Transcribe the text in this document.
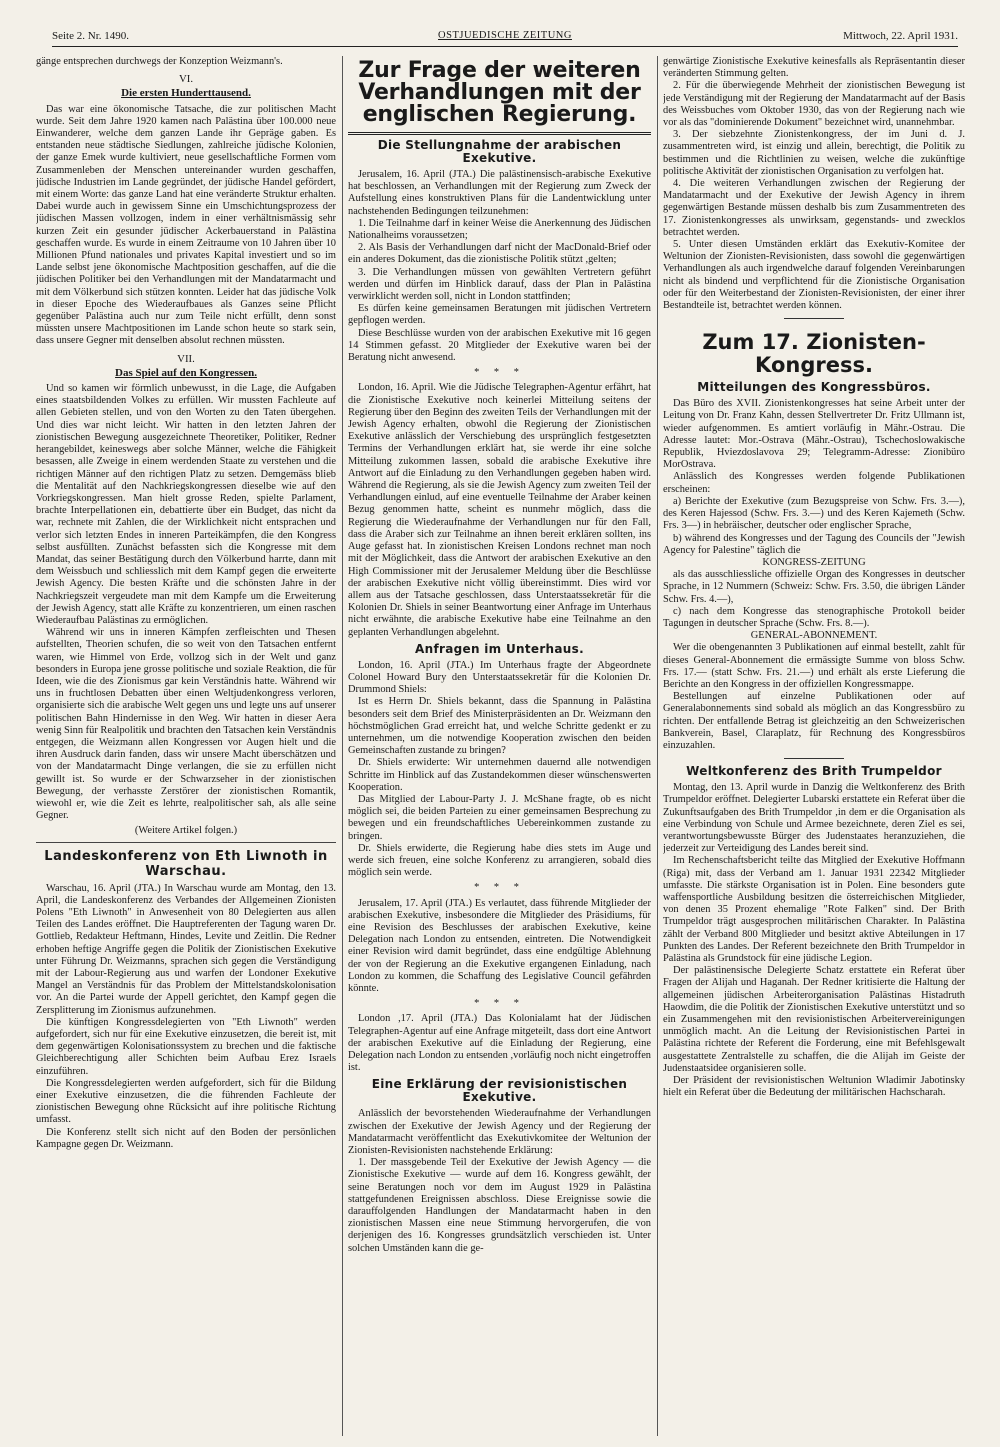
Seite 2. Nr. 1490.	OSTJUEDISCHE ZEITUNG	Mittwoch, 22. April 1931.

gänge entsprechen durchwegs der Konzeption Weizmann's.

VI.
Die ersten Hunderttausend.

Das war eine ökonomische Tatsache, die zur politischen Macht wurde. Seit dem Jahre 1920 kamen nach Palästina über 100.000 neue Einwanderer, welche dem ganzen Lande ihr Gepräge gaben. Es entstanden neue städtische Siedlungen, zahlreiche jüdische Kolonien, der ganze Emek wurde kultiviert, neue gesellschaftliche Formen vom Zusammenleben der Menschen untereinander wurden geschaffen, jüdische Industrien im Lande gegründet, der jüdische Handel gefördert, mit einem Worte: das ganze Land hat eine veränderte Struktur erhalten. Dabei wurde auch in gewissem Sinne ein Umschichtungsprozess der jüdischen Massen vollzogen, indem in einer verhältnismässig sehr kurzen Zeit ein gesunder jüdischer Ackerbauerstand in Palästina geschaffen wurde. Es wurde in einem Zeitraume von 10 Jahren über 10 Millionen Pfund nationales und privates Kapital investiert und so im Lande selbst jene ökonomische Machtposition geschaffen, auf die die jüdischen Politiker bei den Verhandlungen mit der Mandatarmacht und mit dem Völkerbund sich stützen konnten. Leider hat das jüdische Volk in dieser Epoche des Wiederaufbaues als Ganzes seine Pflicht gegenüber Palästina auch nur zum Teile nicht erfüllt, denn sonst müssten unsere Machtpositionen im Lande schon heute so stark sein, dass unsere Gegner mit denselben absolut rechnen müssten.

VII.
Das Spiel auf den Kongressen.

Und so kamen wir förmlich unbewusst, in die Lage, die Aufgaben eines staatsbildenden Volkes zu erfüllen. Wir mussten Fachleute auf allen Gebieten stellen, und von den Worten zu den Taten übergehen. Und dies war nicht leicht. Wir hatten in den letzten Jahren der zionistischen Bewegung ausgezeichnete Theoretiker, Politiker, Redner herangebildet, keineswegs aber solche Männer, welche die Fähigkeit besassen, alle Zweige in einem werdenden Staate zu verstehen und die richtigen Männer auf den richtigen Platz zu setzen. Demgemäss blieb die Mentalität auf den Nachkriegskongressen dieselbe wie auf den Vorkriegskongressen. Man hielt grosse Reden, spielte Parlament, brachte Interpellationen ein, debattierte über ein Budget, das nicht da war, rechnete mit Zahlen, die der Wirklichkeit nicht entsprachen und verlor sich letzten Endes in inneren Parteikämpfen, die den Kongress selbst ausfüllten. Zunächst befassten sich die Kongresse mit dem Mandat, das seiner Bestätigung durch den Völkerbund harrte, dann mit dem Weissbuch und schliesslich mit dem Kampf gegen die erweiterte Jewish Agency. Die besten Kräfte und die schönsten Jahre in der Nachkriegszeit vergeudete man mit dem Kampfe um die Erweiterung der Jewish Agency, statt alle Kräfte zu konzentrieren, um einen raschen Wiederaufbau Palästinas zu ermöglichen.

Während wir uns in inneren Kämpfen zerfleischten und Thesen aufstellten, Theorien schufen, die so weit von den Tatsachen entfernt waren, wie Himmel von Erde, vollzog sich in der Welt und ganz besonders in Europa jene grosse politische und soziale Reaktion, die für Ideen, wie die des Zionismus gar kein Verständnis hatte. Während wir uns in fruchtlosen Debatten über einen Weltjudenkongress verloren, organisierte sich die arabische Welt gegen uns und legte uns auf unserer politischen Bahn Hindernisse in den Weg. Wir hatten in dieser Aera wenig Sinn für Realpolitik und brachten den Tatsachen kein Verständnis entgegen, die Weizmann allen Kongressen vor Augen hielt und die ihren Ausdruck darin fanden, dass wir unsere Macht überschätzen und von der Mandatarmacht Dinge verlangen, die sie zu erfüllen nicht gewillt ist. So wurde er der Schwarzseher in der zionistischen Bewegung, der verhasste Zerstörer der zionistischen Romantik, wiewohl er, wie die Zeit es lehrte, realpolitischer sah, als alle seine Gegner.

(Weitere Artikel folgen.)
Landeskonferenz von Eth Liwnoth in Warschau.

Warschau, 16. April (JTA.) In Warschau wurde am Montag, den 13. April, die Landeskonferenz des Verbandes der Allgemeinen Zionisten Polens "Eth Liwnoth" in Anwesenheit von 80 Delegierten aus allen Teilen des Landes eröffnet. Die Hauptreferenten der Tagung waren Dr. Gottlieb, Redakteur Heftmann, Hindes, Levite und Zeitlin. Die Redner erhoben heftige Angriffe gegen die Politik der Zionistischen Exekutive unter Führung Dr. Weizmanns, sprachen sich gegen die Verständigung mit der Labour-Regierung aus und warfen der Londoner Exekutive Mangel an Verständnis für das Problem der Mittelstandskolonisation vor. An die Partei wurde der Appell gerichtet, den Kampf gegen die Zersplitterung im Zionismus aufzunehmen.

Die künftigen Kongressdelegierten von "Eth Liwnoth" werden aufgefordert, sich nur für eine Exekutive einzusetzen, die bereit ist, mit dem gegenwärtigen Kolonisationssystem zu brechen und die faktische Gleichberechtigung aller Schichten beim Aufbau Erez Israels einzuführen.

Die Kongressdelegierten werden aufgefordert, sich für die Bildung einer Exekutive einzusetzen, die die führenden Fachleute der zionistischen Bewegung ohne Rücksicht auf ihre politische Richtung umfasst.

Die Konferenz stellt sich nicht auf den Boden der persönlichen Kampagne gegen Dr. Weizmann.

Zur Frage der weiteren Verhandlungen mit der englischen Regierung.
Die Stellungnahme der arabischen Exekutive.

Jerusalem, 16. April (JTA.) Die palästinensisch-arabische Exekutive hat beschlossen, an Verhandlungen mit der Regierung zum Zweck der Aufstellung eines konstruktiven Plans für die Landentwicklung unter nachstehenden Bedingungen teilzunehmen:

1. Die Teilnahme darf in keiner Weise die Anerkennung des Jüdischen Nationalheims voraussetzen;

2. Als Basis der Verhandlungen darf nicht der MacDonald-Brief oder ein anderes Dokument, das die zionistische Politik stützt ,gelten;

3. Die Verhandlungen müssen von gewählten Vertretern geführt werden und dürfen im Hinblick darauf, dass der Plan in Palästina verwirklicht werden soll, nicht in London stattfinden;

Es dürfen keine gemeinsamen Beratungen mit jüdischen Vertretern gepflogen werden.

Diese Beschlüsse wurden von der arabischen Exekutive mit 16 gegen 14 Stimmen gefasst. 20 Mitglieder der Exekutive waren bei der Beratung nicht anwesend.

* * *

London, 16. April. Wie die Jüdische Telegraphen-Agentur erfährt, hat die Zionistische Exekutive noch keinerlei Mitteilung seitens der Regierung über den Beginn des zweiten Teils der Verhandlungen mit der Jewish Agency erhalten, obwohl die Regierung der Zionistischen Exekutive anlässlich der Verschiebung des ursprünglich festgesetzten Termins der Verhandlungen erklärt hat, sie werde ihr eine solche Mitteilung zukommen lassen, sobald die arabische Exekutive ihre Antwort auf die Einladung zu den Verhandlungen gegeben haben wird. Während die Regierung, als sie die Jewish Agency zum zweiten Teil der Verhandlungen einlud, auf eine eventuelle Teilnahme der Araber keinen Bezug genommen hatte, scheint es nunmehr möglich, dass die Regierung die Wiederaufnahme der Verhandlungen nur für den Fall, dass die Araber sich zur Teilnahme an ihnen bereit erklären sollten, ins Auge gefasst hat. In zionistischen Kreisen Londons rechnet man noch mit der Möglichkeit, dass die Antwort der arabischen Exekutive an den High Commissioner mit der Jerusalemer Meldung über die Beschlüsse der arabischen Exekutive nicht völlig übereinstimmt. Dies wird vor allem aus der Tatsache geschlossen, dass Unterstaatssekretär für die Kolonien Dr. Shiels in seiner Beantwortung einer Anfrage im Unterhaus nicht erwähnte, die arabische Exekutive habe eine Teilnahme an den geplanten Verhandlungen abgelehnt.

Anfragen im Unterhaus.

London, 16. April (JTA.) Im Unterhaus fragte der Abgeordnete Colonel Howard Bury den Unterstaatssekretär für die Kolonien Dr. Drummond Shiels:

Ist es Herrn Dr. Shiels bekannt, dass die Spannung in Palästina besonders seit dem Brief des Ministerpräsidenten an Dr. Weizmann den höchstmöglichen Grad erreicht hat, und welche Schritte gedenkt er zu unternehmen, um die notwendige Kooperation zwischen den beiden Gemeinschaften zustande zu bringen?

Dr. Shiels erwiderte: Wir unternehmen dauernd alle notwendigen Schritte im Hinblick auf das Zustandekommen dieser wünschenswerten Kooperation.

Das Mitglied der Labour-Party J. J. McShane fragte, ob es nicht möglich sei, die beiden Parteien zu einer gemeinsamen Besprechung zu bewegen und ein freundschaftliches Uebereinkommen zustande zu bringen.

Dr. Shiels erwiderte, die Regierung habe dies stets im Auge und werde sich freuen, eine solche Konferenz zu arrangieren, sobald dies möglich sein werde.

* * *

Jerusalem, 17. April (JTA.) Es verlautet, dass führende Mitglieder der arabischen Exekutive, insbesondere die Mitglieder des Präsidiums, für eine Revision des Beschlusses der arabischen Exekutive, keine Delegation nach London zu entsenden, eintreten. Die Notwendigkeit einer Revision wird damit begründet, dass eine endgültige Ablehnung der von der Regierung an die Exekutive ergangenen Einladung, nach London zu kommen, die Schaffung des Legislative Council gefährden könnte.

* * *

London ,17. April (JTA.) Das Kolonialamt hat der Jüdischen Telegraphen-Agentur auf eine Anfrage mitgeteilt, dass dort eine Antwort der arabischen Exekutive auf die Einladung der Regierung, eine Delegation nach London zu entsenden ,vorläufig noch nicht eingetroffen ist.

Eine Erklärung der revisionistischen Exekutive.

Anlässlich der bevorstehenden Wiederaufnahme der Verhandlungen zwischen der Exekutive der Jewish Agency und der Regierung der Mandatarmacht veröffentlicht das Exekutivkomitee der Weltunion der Zionisten-Revisionisten nachstehende Erklärung:

1. Der massgebende Teil der Exekutive der Jewish Agency — die Zionistische Exekutive — wurde auf dem 16. Kongress gewählt, der seine Beratungen noch vor dem im August 1929 in Palästina stattgefundenen Ereignissen abschloss. Diese Ereignisse sowie die darauffolgenden Handlungen der Mandatarmacht haben in den zionistischen Massen eine neue Stimmung hervorgerufen, die von derjenigen des 16. Kongresses grundsätzlich verschieden ist. Unter solchen Umständen kann die ge-

genwärtige Zionistische Exekutive keinesfalls als Repräsentantin dieser veränderten Stimmung gelten.

2. Für die überwiegende Mehrheit der zionistischen Bewegung ist jede Verständigung mit der Regierung der Mandatarmacht auf der Basis des Weissbuches vom Oktober 1930, das von der Regierung nach wie vor als das "dominierende Dokument" bezeichnet wird, unannehmbar.

3. Der siebzehnte Zionistenkongress, der im Juni d. J. zusammentreten wird, ist einzig und allein, berechtigt, die Politik zu bestimmen und die Richtlinien zu weisen, welche die zukünftige politische Aktivität der zionistischen Organisation zu verfolgen hat.

4. Die weiteren Verhandlungen zwischen der Regierung der Mandatarmacht und der Exekutive der Jewish Agency in ihrem gegenwärtigen Bestande müssen deshalb bis zum Zusammentreten des 17. Zionistenkongresses als unwirksam, gegenstands- und zwecklos betrachtet werden.

5. Unter diesen Umständen erklärt das Exekutiv-Komitee der Weltunion der Zionisten-Revisionisten, dass sowohl die gegenwärtigen Verhandlungen als auch irgendwelche darauf folgenden Vereinbarungen nicht als bindend und verpflichtend für die Zionistische Organisation oder für den Weiterbestand der Zionisten-Revisionisten, der einer ihrer Bestandteile ist, betrachtet werden können.

Zum 17. Zionisten-Kongress.
Mitteilungen des Kongressbüros.

Das Büro des XVII. Zionistenkongresses hat seine Arbeit unter der Leitung von Dr. Franz Kahn, dessen Stellvertreter Dr. Fritz Ullmann ist, wieder aufgenommen. Es amtiert vorläufig in Mähr.-Ostrau. Die Adresse lautet: Mor.-Ostrava (Mähr.-Ostrau), Tschechoslowakische Republik, Hviezdoslavova 29; Telegramm-Adresse: Zionibüro MorOstrava.

Anlässlich des Kongresses werden folgende Publikationen erscheinen:

a) Berichte der Exekutive (zum Bezugspreise von Schw. Frs. 3.—), des Keren Hajessod (Schw. Frs. 3.—) und des Keren Kajemeth (Schw. Frs. 3—) in hebräischer, deutscher oder englischer Sprache,

b) während des Kongresses und der Tagung des Councils der "Jewish Agency for Palestine" täglich die

KONGRESS-ZEITUNG

als das ausschliessliche offizielle Organ des Kongresses in deutscher Sprache, in 12 Nummern (Schweiz: Schw. Frs. 3.50, die übrigen Länder Schw. Frs. 4.—),

c) nach dem Kongresse das stenographische Protokoll beider Tagungen in deutscher Sprache (Schw. Frs. 8.—).

GENERAL-ABONNEMENT.

Wer die obengenannten 3 Publikationen auf einmal bestellt, zahlt für dieses General-Abonnement die ermässigte Summe von bloss Schw. Frs. 17.— (statt Schw. Frs. 21.—) und erhält als erste Lieferung die Berichte an den Kongress in der offiziellen Kongressmappe.

Bestellungen auf einzelne Publikationen oder auf Generalabonnements sind sobald als möglich an das Kongressbüro zu richten. Der entfallende Betrag ist gleichzeitig an den Schweizerischen Bankverein, Basel, Claraplatz, für Rechnung des Kongressbüros einzuzahlen.

Weltkonferenz des Brith Trumpeldor

Montag, den 13. April wurde in Danzig die Weltkonferenz des Brith Trumpeldor eröffnet. Delegierter Lubarski erstattete ein Referat über die Zukunftsaufgaben des Brith Trumpeldor ,in dem er die Organisation als eine Verbindung von Schule und Armee bezeichnete, deren Ziel es sei, verantwortungsbewusste Bürger des Judenstaates heranzuziehen, die jederzeit zur Verteidigung des Landes bereit sind.

Im Rechenschaftsbericht teilte das Mitglied der Exekutive Hoffmann (Riga) mit, dass der Verband am 1. Januar 1931 22342 Mitglieder umfasste. Die stärkste Organisation ist in Polen. Eine besonders gute waffensportliche Ausbildung besitzen die österreichischen Mitglieder, von denen 35 Prozent ehemalige "Rote Falken" sind. Der Brith Trumpeldor trägt ausgesprochen militärischen Charakter. In Palästina zählt der Verband 800 Mitglieder und besitzt aktive Abteilungen in 17 Punkten des Landes. Der Referent bezeichnete den Brith Trumpeldor in Palästina als Grundstock für eine jüdische Legion.

Der palästinensische Delegierte Schatz erstattete ein Referat über Fragen der Alijah und Haganah. Der Redner kritisierte die Haltung der allgemeinen jüdischen Arbeiterorganisation Palästinas Histadruth Haowdim, die die Politik der Zionistischen Exekutive unterstützt und so ein Zusammengehen mit den revisionistischen Arbeitervereinigungen unmöglich macht. An die Leitung der Revisionistischen Partei in Palästina richtete der Referent die Forderung, eine mit Befehlsgewalt ausgestattete Zentralstelle zu schaffen, die die Alijah im Geiste der Judenstaatsidee organisieren solle.

Der Präsident der revisionistischen Weltunion Wladimir Jabotinsky hielt ein Referat über die Bedeutung der militärischen Hachscharah.
